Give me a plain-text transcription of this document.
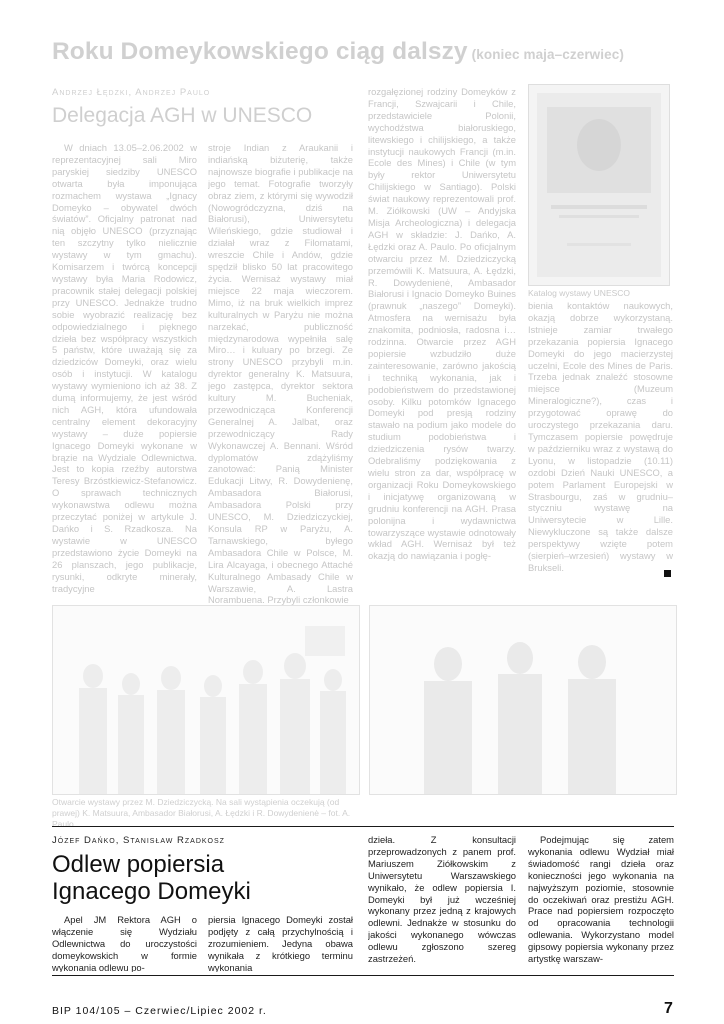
Roku Domeykowskiego ciąg dalszy (koniec maja–czerwiec)
Andrzej Łędzki, Andrzej Paulo
Delegacja AGH w UNESCO

W dniach 13.05–2.06.2002 w reprezentacyjnej sali Miro paryskiej siedziby UNESCO otwarta była imponująca rozmachem wystawa „Ignacy Domeyko – obywatel dwóch światów”. Oficjalny patronat nad nią objęło UNESCO (przyznając ten szczytny tylko nielicznie wystawy w tym gmachu). Komisarzem i twórcą koncepcji wystawy była Maria Rodowicz, pracownik stałej delegacji polskiej przy UNESCO. Jednakże trudno sobie wyobrazić realizację bez odpowiedzialnego i pięknego dzieła bez współpracy wszystkich 5 państw, które uważają się za dziedziców Domeyki, oraz wielu osób i instytucji. W katalogu wystawy wymieniono ich aż 38. Z dumą informujemy, że jest wśród nich AGH, która ufundowała centralny element dekoracyjny wystawy – duże popiersie Ignacego Domeyki wykonane w brązie na Wydziale Odlewnictwa. Jest to kopia rzeźby autorstwa Teresy Brzóstkiewicz-Stefanowicz. O sprawach technicznych wykonawstwa odlewu można przeczytać poniżej w artykule J. Dańko i S. Rzadkosza. Na wystawie w UNESCO przedstawiono życie Domeyki na 26 planszach, jego publikacje, rysunki, odkryte minerały, tradycyjne

stroje Indian z Araukanii i indiańską biżuterię, także najnowsze biografie i publikacje na jego temat. Fotografie tworzyły obraz ziem, z którymi się wywodził (Nowogródczyzna, dziś na Białorusi), Uniwersytetu Wileńskiego, gdzie studiował i działał wraz z Filomatami, wreszcie Chile i Andów, gdzie spędził blisko 50 lat pracowitego życia. Wernisaż wystawy miał miejsce 22 maja wieczorem. Mimo, iż na bruk wielkich imprez kulturalnych w Paryżu nie można narzekać, publiczność międzynarodowa wypełniła salę Miro… i kuluary po brzegi. Ze strony UNESCO przybyli m.in. dyrektor generalny K. Matsuura, jego zastępca, dyrektor sektora kultury M. Bucheniak, przewodnicząca Konferencji Generalnej A. Jalbat, oraz przewodniczący Rady Wykonawczej A. Bennani. Wśród dyplomatów zdążyliśmy zanotować: Panią Minister Edukacji Litwy, R. Dowydenienę, Ambasadora Białorusi, Ambasadora Polski przy UNESCO, M. Dziedziczyckiej, Konsula RP w Paryżu, A. Tarnawskiego, byłego Ambasadora Chile w Polsce, M. Lira Alcayaga, i obecnego Attaché Kulturalnego Ambasady Chile w Warszawie, A. Lastra Norambuena. Przybyli członkowie

rozgałęzionej rodziny Domeyków z Francji, Szwajcarii i Chile, przedstawiciele Polonii, wychodźstwa białoruskiego, litewskiego i chilijskiego, a także instytucji naukowych Francji (m.in. Ecole des Mines) i Chile (w tym były rektor Uniwersytetu Chilijskiego w Santiago). Polski świat naukowy reprezentowali prof. M. Ziółkowski (UW – Andyjska Misja Archeologiczna) i delegacja AGH w składzie: J. Dańko, A. Łędzki oraz A. Paulo. Po oficjalnym otwarciu przez M. Dziedziczycką przemówili K. Matsuura, A. Łędzki, R. Dowydenienė, Ambasador Białorusi i Ignacio Domeyko Buines (prawnuk „naszego” Domeyki). Atmosfera na wernisażu była znakomita, podniosła, radosna i… rodzinna. Otwarcie przez AGH popiersie wzbudziło duże zainteresowanie, zarówno jakością i techniką wykonania, jak i podobieństwem do przedstawionej osoby. Kilku potomków Ignacego Domeyki pod presją rodziny stawało na podium jako modele do studium podobieństwa i dziedziczenia rysów twarzy. Odebraliśmy podziękowania z wielu stron za dar, współpracę w organizacji Roku Domeykowskiego i inicjatywę organizowaną w grudniu konferencji na AGH. Prasa polonijna i wydawnictwa towarzyszące wystawie odnotowały wkład AGH. Wernisaż był też okazją do nawiązania i pogłę-

Katalog wystawy UNESCO

bienia kontaktów naukowych, okazją dobrze wykorzystaną. Istnieje zamiar trwałego przekazania popiersia Ignacego Domeyki do jego macierzystej uczelni, Ecole des Mines de Paris. Trzeba jednak znaleźć stosowne miejsce (Muzeum Mineralogiczne?), czas i przygotować oprawę do uroczystego przekazania daru. Tymczasem popiersie powędruje w październiku wraz z wystawą do Lyonu, w listopadzie (10.11) ozdobi Dzień Nauki UNESCO, a potem Parlament Europejski w Strasbourgu, zaś w grudniu–styczniu wystawę na Uniwersytecie w Lille. Niewykluczone są także dalsze perspektywy wzięte potem (sierpień–wrzesień) wystawy w Brukseli.

Otwarcie wystawy przez M. Dziedziczycką. Na sali wystąpienia oczekują (od prawej) K. Matsuura, Ambasador Białorusi, A. Łędzki i R. Dowydenienė – fot. A. Paulo
Józef Dańko, Stanisław Rzadkosz
Odlew popiersia
Ignacego Domeyki

Apel JM Rektora AGH o włączenie się Wydziału Odlewnictwa do uroczystości domeykowskich w formie wykonania odlewu po-

piersia Ignacego Domeyki został podjęty z całą przychylnością i zrozumieniem. Jedyna obawa wynikała z krótkiego terminu wykonania

dzieła. Z konsultacji przeprowadzonych z panem prof. Mariuszem Ziółkowskim z Uniwersytetu Warszawskiego wynikało, że odlew popiersia I. Domeyki był już wcześniej wykonany przez jedną z krajowych odlewni. Jednakże w stosunku do jakości wykonanego wówczas odlewu zgłoszono szereg zastrzeżeń.

Podejmując się zatem wykonania odlewu Wydział miał świadomość rangi dzieła oraz konieczności jego wykonania na najwyższym poziomie, stosownie do oczekiwań oraz prestiżu AGH. Prace nad popiersiem rozpoczęto od opracowania technologii odlewania. Wykorzystano model gipsowy popiersia wykonany przez artystkę warszaw-

BIP 104/105 – Czerwiec/Lipiec 2002 r.	7
